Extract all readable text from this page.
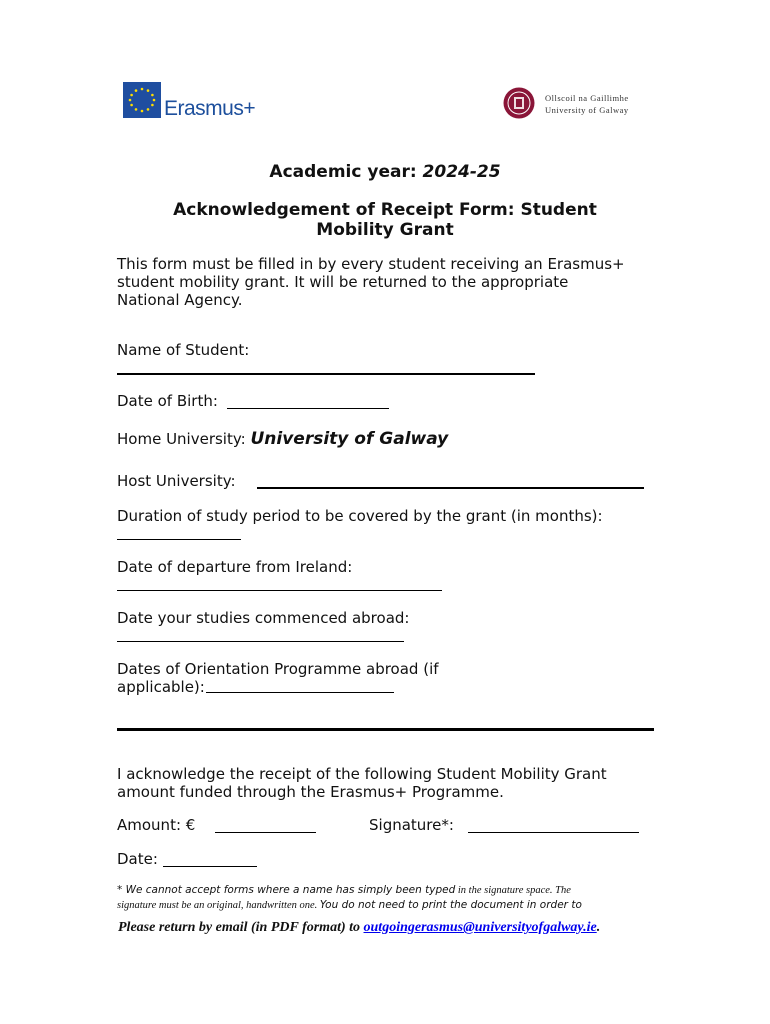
Erasmus+	Ollscoil na Gaillimhe
University of Galway
Academic year: 2024-25
Acknowledgement of Receipt Form: Student
Mobility Grant
This form must be filled in by every student receiving an Erasmus+
student mobility grant. It will be returned to the appropriate
National Agency.
Name of Student:
Date of Birth:
Home University: University of Galway
Host University:
Duration of study period to be covered by the grant (in months):
Date of departure from Ireland:
Date your studies commenced abroad:
Dates of Orientation Programme abroad (if
applicable):
I acknowledge the receipt of the following Student Mobility Grant
amount funded through the Erasmus+ Programme.
Amount: €	Signature*:
Date:
* We cannot accept forms where a name has simply been typed in the signature space. The
signature must be an original, handwritten one. You do not need to print the document in order to
Please return by email (in PDF format) to outgoingerasmus@universityofgalway.ie.
